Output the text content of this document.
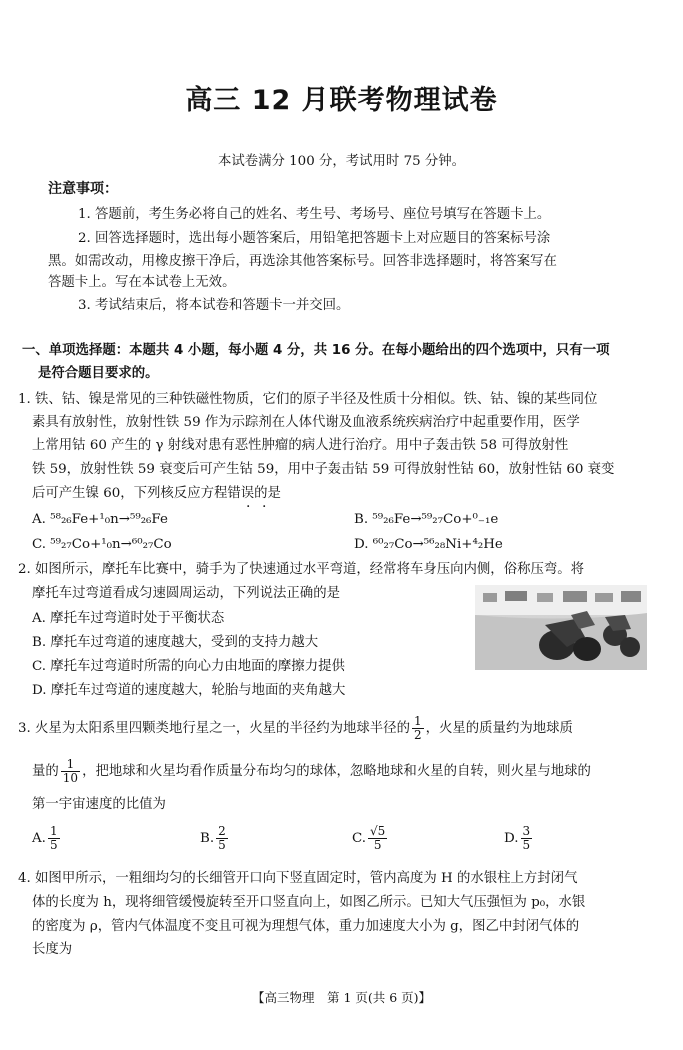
高三 12 月联考物理试卷
本试卷满分 100 分，考试用时 75 分钟。
注意事项：
1. 答题前，考生务必将自己的姓名、考生号、考场号、座位号填写在答题卡上。
2. 回答选择题时，选出每小题答案后，用铅笔把答题卡上对应题目的答案标号涂
黑。如需改动，用橡皮擦干净后，再选涂其他答案标号。回答非选择题时，将答案写在
答题卡上。写在本试卷上无效。
3. 考试结束后，将本试卷和答题卡一并交回。
一、单项选择题：本题共 4 小题，每小题 4 分，共 16 分。在每小题给出的四个选项中，只有一项
是符合题目要求的。
1. 铁、钴、镍是常见的三种铁磁性物质，它们的原子半径及性质十分相似。铁、钴、镍的某些同位
素具有放射性，放射性铁 59 作为示踪剂在人体代谢及血液系统疾病治疗中起重要作用，医学
上常用钴 60 产生的 γ 射线对患有恶性肿瘤的病人进行治疗。用中子轰击铁 58 可得放射性
铁 59，放射性铁 59 衰变后可产生钴 59，用中子轰击钴 59 可得放射性钴 60，放射性钴 60 衰变
后可产生镍 60，下列核反应方程错误的是
· ·
A. ⁵⁸₂₆Fe+¹₀n→⁵⁹₂₆Fe	B. ⁵⁹₂₆Fe→⁵⁹₂₇Co+⁰₋₁e
C. ⁵⁹₂₇Co+¹₀n→⁶⁰₂₇Co	D. ⁶⁰₂₇Co→⁵⁶₂₈Ni+⁴₂He
2. 如图所示，摩托车比赛中，骑手为了快速通过水平弯道，经常将车身压向内侧，俗称压弯。将
摩托车过弯道看成匀速圆周运动，下列说法正确的是
A. 摩托车过弯道时处于平衡状态
B. 摩托车过弯道的速度越大，受到的支持力越大
C. 摩托车过弯道时所需的向心力由地面的摩擦力提供
D. 摩托车过弯道的速度越大，轮胎与地面的夹角越大
3. 火星为太阳系里四颗类地行星之一，火星的半径约为地球半径的 $\frac{1}{2}$ ，火星的质量约为地球质
量的 $\frac{1}{10}$ ，把地球和火星均看作质量分布均匀的球体，忽略地球和火星的自转，则火星与地球的
第一宇宙速度的比值为
A. $\frac{1}{5}$	B. $\frac{2}{5}$	C. $\frac{√5}{5}$	D. $\frac{3}{5}$
4. 如图甲所示，一粗细均匀的长细管开口向下竖直固定时，管内高度为 H 的水银柱上方封闭气
体的长度为 h，现将细管缓慢旋转至开口竖直向上，如图乙所示。已知大气压强恒为 p₀，水银
的密度为 ρ，管内气体温度不变且可视为理想气体，重力加速度大小为 g，图乙中封闭气体的
长度为
【高三物理　第 1 页(共 6 页)】
